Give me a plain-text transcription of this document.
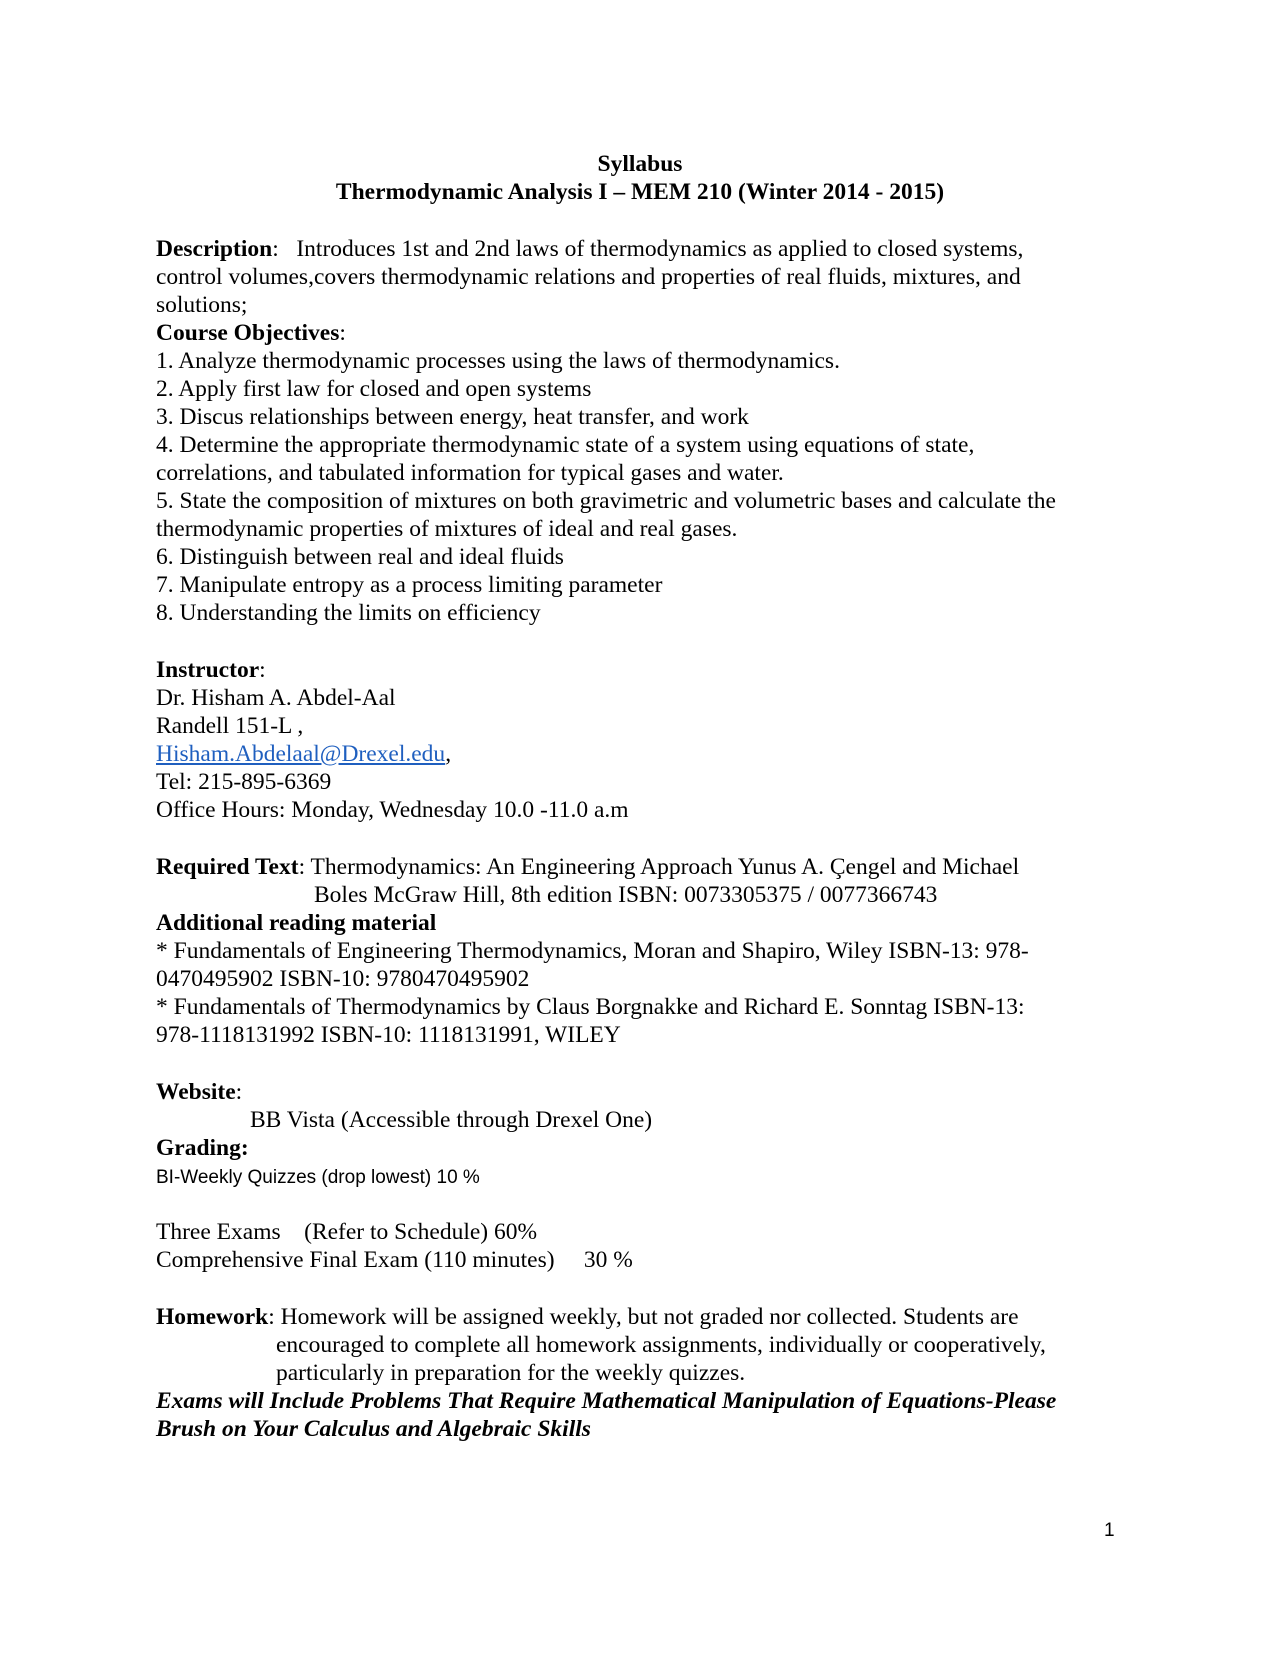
Syllabus
Thermodynamic Analysis I – MEM 210 (Winter 2014 - 2015)
Description:   Introduces 1st and 2nd laws of thermodynamics as applied to closed systems,
control volumes,covers thermodynamic relations and properties of real fluids, mixtures, and
solutions;
Course Objectives:
1. Analyze thermodynamic processes using the laws of thermodynamics.
2. Apply first law for closed and open systems
3. Discus relationships between energy, heat transfer, and work
4. Determine the appropriate thermodynamic state of a system using equations of state,
correlations, and tabulated information for typical gases and water.
5. State the composition of mixtures on both gravimetric and volumetric bases and calculate the
thermodynamic properties of mixtures of ideal and real gases.
6. Distinguish between real and ideal fluids
7. Manipulate entropy as a process limiting parameter
8. Understanding the limits on efficiency
Instructor:
Dr. Hisham A. Abdel-Aal
Randell 151-L ,
Hisham.Abdelaal@Drexel.edu,
Tel: 215-895-6369
Office Hours: Monday, Wednesday 10.0 -11.0 a.m
Required Text: Thermodynamics: An Engineering Approach Yunus A. Çengel and Michael
Boles McGraw Hill, 8th edition ISBN: 0073305375 / 0077366743
Additional reading material
* Fundamentals of Engineering Thermodynamics, Moran and Shapiro, Wiley ISBN-13: 978-
0470495902 ISBN-10: 9780470495902
* Fundamentals of Thermodynamics by Claus Borgnakke and Richard E. Sonntag ISBN-13:
978-1118131992 ISBN-10: 1118131991, WILEY
Website:
BB Vista (Accessible through Drexel One)
Grading:
BI-Weekly Quizzes (drop lowest) 10 %
Three Exams    (Refer to Schedule) 60%
Comprehensive Final Exam (110 minutes)     30 %
Homework: Homework will be assigned weekly, but not graded nor collected. Students are
encouraged to complete all homework assignments, individually or cooperatively,
particularly in preparation for the weekly quizzes.
Exams will Include Problems That Require Mathematical Manipulation of Equations-Please
Brush on Your Calculus and Algebraic Skills
1
